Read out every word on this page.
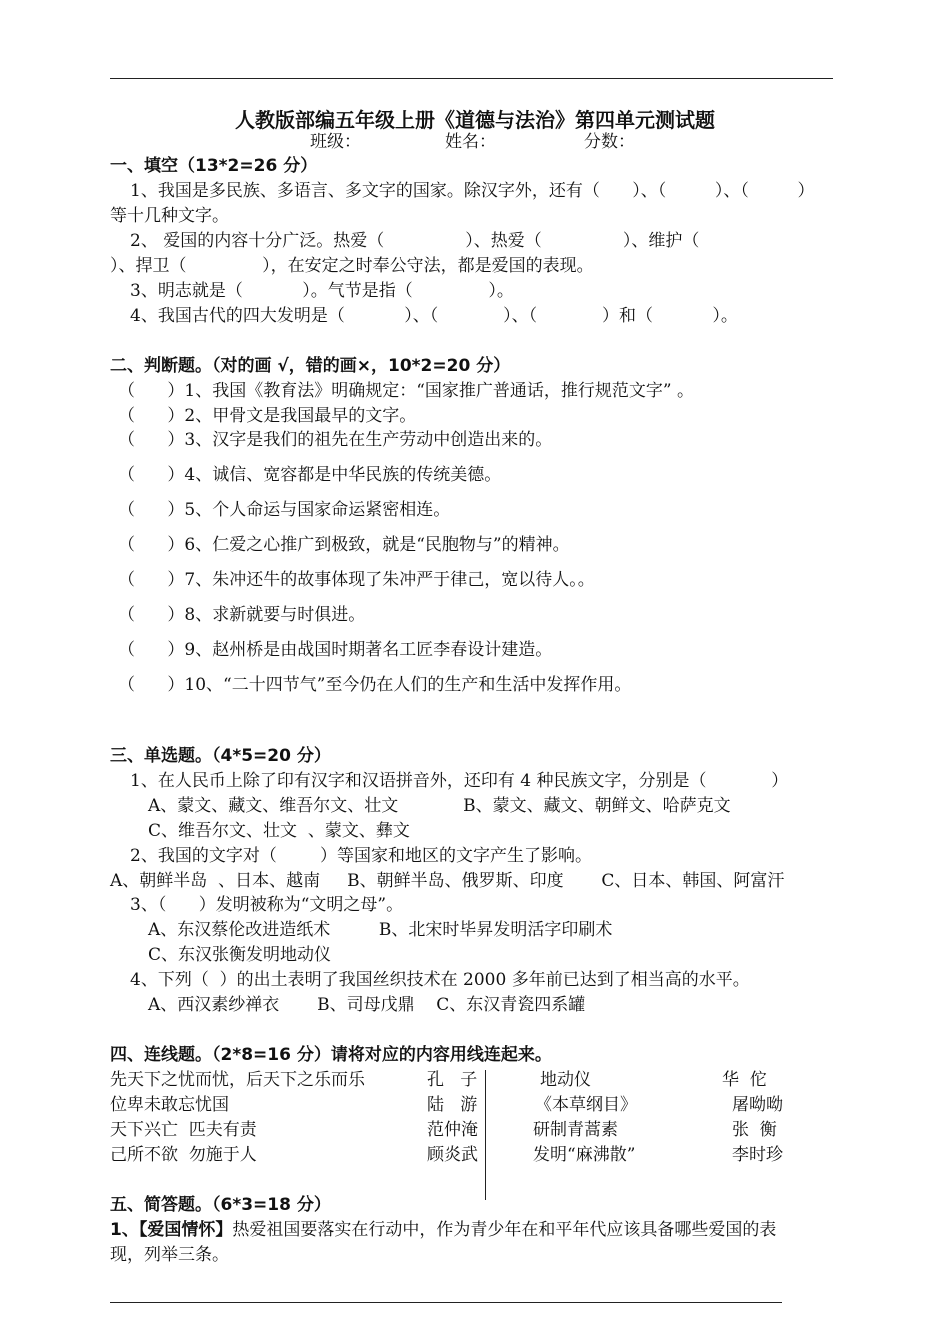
人教版部编五年级上册《道德与法治》第四单元测试题
班级：	姓名：	分数：
一、填空（13*2=26 分）
1、我国是多民族、多语言、多文字的国家。除汉字外，还有（      ）、（         ）、（         ）
等十几种文字。
2、 爱国的内容十分广泛。热爱（               ）、热爱（               ）、维护（
）、捍卫（              ），在安定之时奉公守法，都是爱国的表现。
3、明志就是（           ）。气节是指（              ）。
4、我国古代的四大发明是（           ）、（            ）、（            ）和（           ）。
二、判断题。（对的画 √，错的画×，10*2=20 分）
（      ）1、我国《教育法》明确规定：“国家推广普通话，推行规范文字” 。
（      ）2、甲骨文是我国最早的文字。
（      ）3、汉字是我们的祖先在生产劳动中创造出来的。
（      ）4、诚信、宽容都是中华民族的传统美德。
（      ）5、个人命运与国家命运紧密相连。
（      ）6、仁爱之心推广到极致，就是“民胞物与”的精神。
（      ）7、朱冲还牛的故事体现了朱冲严于律己，宽以待人。。
（      ）8、求新就要与时俱进。
（      ）9、赵州桥是由战国时期著名工匠李春设计建造。
（      ）10、“二十四节气”至今仍在人们的生产和生活中发挥作用。
三、单选题。（4*5=20 分）
1、在人民币上除了印有汉字和汉语拼音外，还印有 4 种民族文字，分别是（            ）
A、蒙文、藏文、维吾尔文、壮文            B、蒙文、藏文、朝鲜文、哈萨克文
C、维吾尔文、壮文  、蒙文、彝文
2、我国的文字对（        ）等国家和地区的文字产生了影响。
A、朝鲜半岛  、日本、越南     B、朝鲜半岛、俄罗斯、印度       C、日本、韩国、阿富汗
3、（      ）发明被称为“文明之母”。
A、东汉蔡伦改进造纸术         B、北宋时毕昇发明活字印刷术
C、东汉张衡发明地动仪
4、下列（  ）的出土表明了我国丝织技术在 2000 多年前已达到了相当高的水平。
A、西汉素纱禅衣       B、司母戊鼎    C、东汉青瓷四系罐
四、连线题。（2*8=16 分）请将对应的内容用线连起来。
先天下之忧而忧，后天下之乐而乐
位卑未敢忘忧国
天下兴亡  匹夫有责
己所不欲  勿施于人
孔   子
陆   游
范仲淹
顾炎武
地动仪
《本草纲目》
研制青蒿素
发明“麻沸散”
华  佗
屠呦呦
张  衡
李时珍
五、简答题。（6*3=18 分）
1、【爱国情怀】热爱祖国要落实在行动中，作为青少年在和平年代应该具备哪些爱国的表
现，列举三条。
